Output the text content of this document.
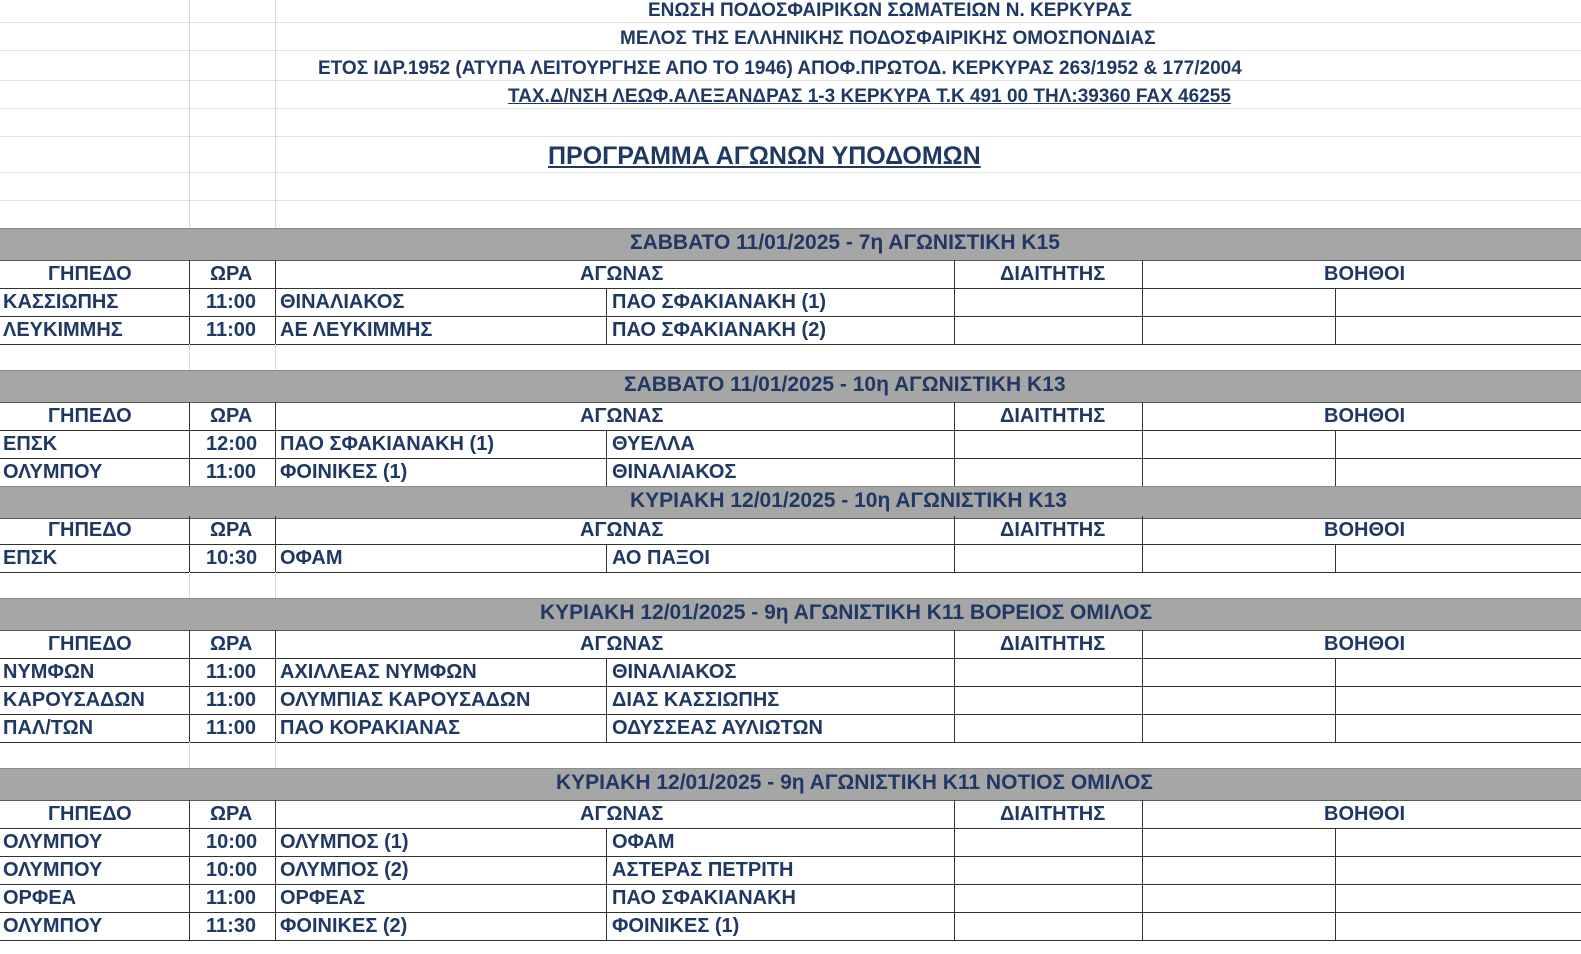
ΕΝΩΣΗ ΠΟΔΟΣΦΑΙΡΙΚΩΝ ΣΩΜΑΤΕΙΩΝ Ν. ΚΕΡΚΥΡΑΣ
ΜΕΛΟΣ ΤΗΣ ΕΛΛΗΝΙΚΗΣ ΠΟΔΟΣΦΑΙΡΙΚΗΣ ΟΜΟΣΠΟΝΔΙΑΣ
ΕΤΟΣ ΙΔΡ.1952 (ΑΤΥΠΑ ΛΕΙΤΟΥΡΓΗΣΕ ΑΠΟ ΤΟ 1946) ΑΠΟΦ.ΠΡΩΤΟΔ. ΚΕΡΚΥΡΑΣ 263/1952 & 177/2004
ΤΑΧ.Δ/ΝΣΗ ΛΕΩΦ.ΑΛΕΞΑΝΔΡΑΣ 1-3 ΚΕΡΚΥΡΑ Τ.Κ 491 00 ΤΗΛ:39360 FAX 46255
ΠΡΟΓΡΑΜΜΑ ΑΓΩΝΩΝ ΥΠΟΔΟΜΩΝ
ΣΑΒΒΑΤΟ 11/01/2025 - 7η ΑΓΩΝΙΣΤΙΚΗ Κ15
ΓΗΠΕΔΟ	ΩΡΑ	ΑΓΩΝΑΣ	ΔΙΑΙΤΗΤΗΣ	ΒΟΗΘΟΙ
ΚΑΣΣΙΩΠΗΣ	11:00 ΘΙΝΑΛΙΑΚΟΣ	ΠΑΟ ΣΦΑΚΙΑΝΑΚΗ (1)
ΛΕΥΚΙΜΜΗΣ	11:00 ΑΕ ΛΕΥΚΙΜΜΗΣ	ΠΑΟ ΣΦΑΚΙΑΝΑΚΗ (2)
ΣΑΒΒΑΤΟ 11/01/2025 - 10η ΑΓΩΝΙΣΤΙΚΗ Κ13
ΓΗΠΕΔΟ	ΩΡΑ	ΑΓΩΝΑΣ	ΔΙΑΙΤΗΤΗΣ	ΒΟΗΘΟΙ
ΕΠΣΚ	12:00 ΠΑΟ ΣΦΑΚΙΑΝΑΚΗ (1)	ΘΥΕΛΛΑ
ΟΛΥΜΠΟΥ	11:00 ΦΟΙΝΙΚΕΣ (1)	ΘΙΝΑΛΙΑΚΟΣ
ΚΥΡΙΑΚΗ 12/01/2025 - 10η ΑΓΩΝΙΣΤΙΚΗ Κ13
ΓΗΠΕΔΟ	ΩΡΑ	ΑΓΩΝΑΣ	ΔΙΑΙΤΗΤΗΣ	ΒΟΗΘΟΙ
ΕΠΣΚ	10:30 ΟΦΑΜ	ΑΟ ΠΑΞΟΙ
ΚΥΡΙΑΚΗ 12/01/2025 - 9η ΑΓΩΝΙΣΤΙΚΗ Κ11 ΒΟΡΕΙΟΣ ΟΜΙΛΟΣ
ΓΗΠΕΔΟ	ΩΡΑ	ΑΓΩΝΑΣ	ΔΙΑΙΤΗΤΗΣ	ΒΟΗΘΟΙ
ΝΥΜΦΩΝ	11:00 ΑΧΙΛΛΕΑΣ ΝΥΜΦΩΝ	ΘΙΝΑΛΙΑΚΟΣ
ΚΑΡΟΥΣΑΔΩΝ	11:00 ΟΛΥΜΠΙΑΣ ΚΑΡΟΥΣΑΔΩΝ	ΔΙΑΣ ΚΑΣΣΙΩΠΗΣ
ΠΑΛ/ΤΩΝ	11:00 ΠΑΟ ΚΟΡΑΚΙΑΝΑΣ	ΟΔΥΣΣΕΑΣ ΑΥΛΙΩΤΩΝ
ΚΥΡΙΑΚΗ 12/01/2025 - 9η ΑΓΩΝΙΣΤΙΚΗ Κ11 ΝΟΤΙΟΣ ΟΜΙΛΟΣ
ΓΗΠΕΔΟ	ΩΡΑ	ΑΓΩΝΑΣ	ΔΙΑΙΤΗΤΗΣ	ΒΟΗΘΟΙ
ΟΛΥΜΠΟΥ	10:00 ΟΛΥΜΠΟΣ (1)	ΟΦΑΜ
ΟΛΥΜΠΟΥ	10:00 ΟΛΥΜΠΟΣ (2)	ΑΣΤΕΡΑΣ ΠΕΤΡΙΤΗ
ΟΡΦΕΑ	11:00 ΟΡΦΕΑΣ	ΠΑΟ ΣΦΑΚΙΑΝΑΚΗ
ΟΛΥΜΠΟΥ	11:30 ΦΟΙΝΙΚΕΣ (2)	ΦΟΙΝΙΚΕΣ (1)
